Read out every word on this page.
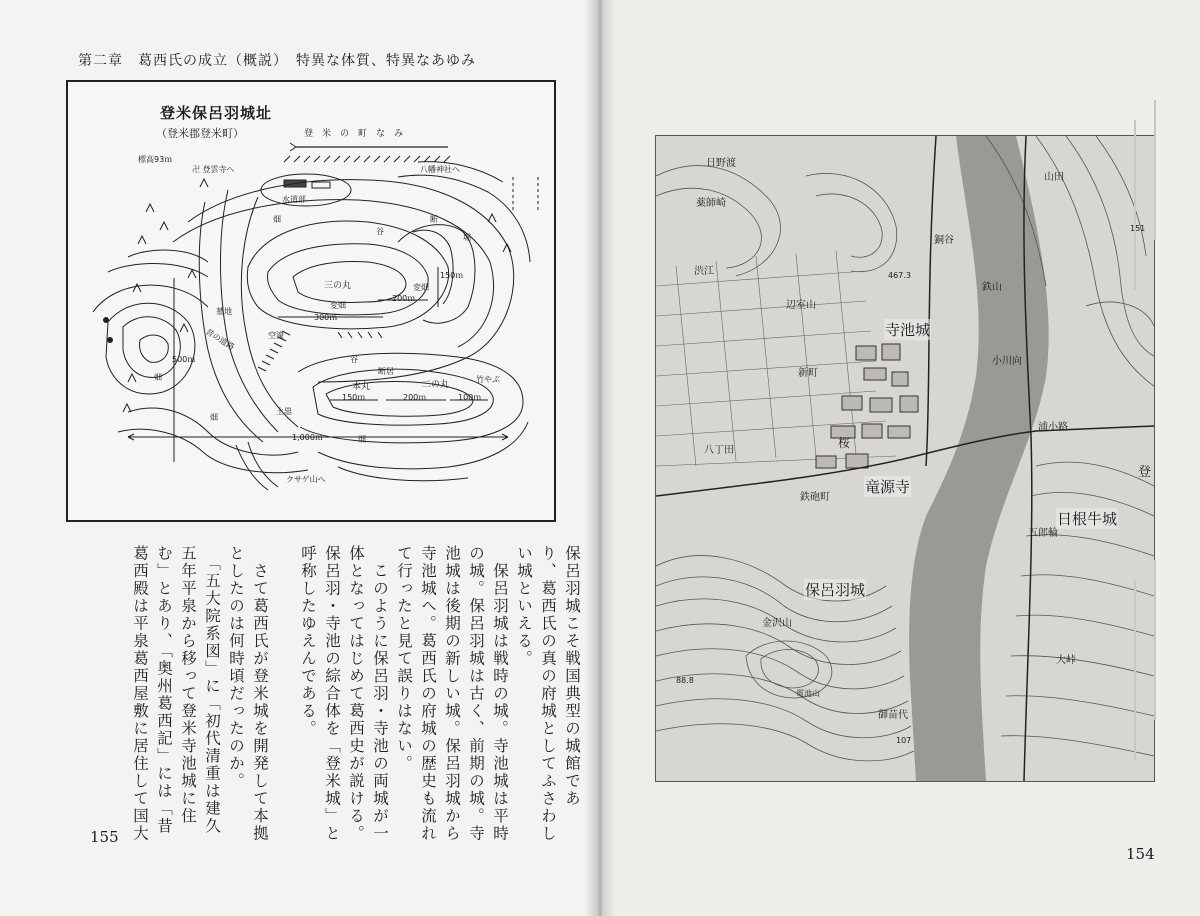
第二章　葛西氏の成立（概説）　特異な体質、特異なあゆみ
登米保呂羽城址
（登米郡登米町）	登　米　の　町　な　み
標高93ｍ
卍 登雲寺へ	八幡神社へ
水道部
畑
谷
断
堀
三の丸
変畑
変畑
150ｍ
200ｍ
300ｍ
墓地
空濠
昔の道路
谷
断居
500ｍ
畑
本丸	二の丸
竹やぶ
150ｍ	200ｍ	100ｍ
土塁
畑
1,000ｍ	畑
クサゲ山へ
保呂羽城こそ戦国典型の城館であ
り、葛西氏の真の府城としてふさわし
い城といえる。
　保呂羽城は戦時の城。寺池城は平時
の城。保呂羽城は古く、前期の城。寺
池城は後期の新しい城。保呂羽城から
寺池城へ。葛西氏の府城の歴史も流れ
て行ったと見て誤りはない。
　このように保呂羽・寺池の両城が一
体となってはじめて葛西史が説ける。
保呂羽・寺池の綜合体を「登米城」と
呼称したゆえんである。
　さて葛西氏が登米城を開発して本拠
としたのは何時頃だったのか。
　「五大院系図」に「初代清重は建久
五年平泉から移って登米寺池城に住
む」とあり、「奥州葛西記」には「昔
葛西殿は平泉葛西屋敷に居住して国大
155
154
寺池城
竜源寺
保呂羽城
日根牛城
日野渡
薬師崎
渋江
辺室山
新町
八丁田
鉄砲町
金沢山
御苗代
銅谷
鉄山
小川向
浦小路
五郎輪
山田
登
桜
大峠
467.3
151
88.8
107
電池山
